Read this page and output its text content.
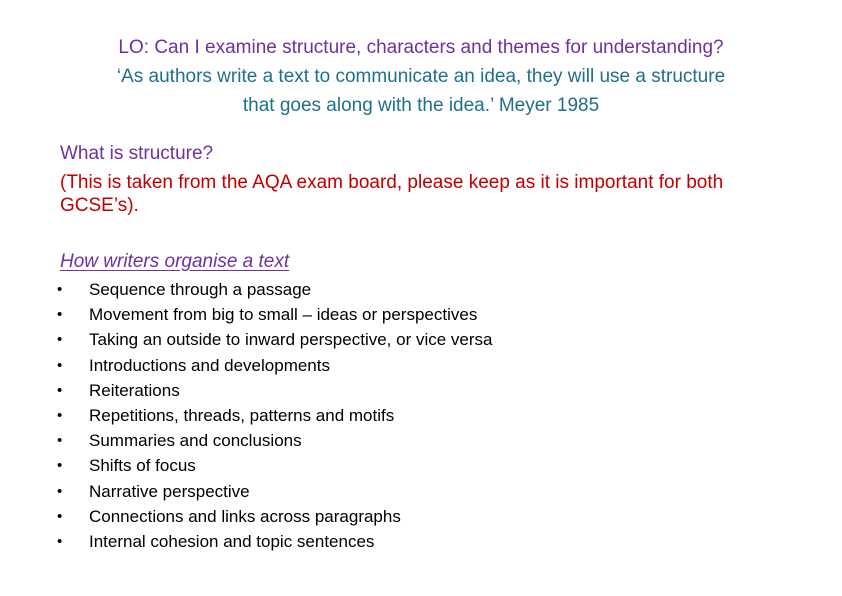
LO: Can I examine structure, characters and themes for understanding?
‘As authors write a text to communicate an idea, they will use a structure
that goes along with the idea.’ Meyer 1985
What is structure?
(This is taken from the AQA exam board, please keep as it is important for both GCSE’s).
How writers organise a text
• Sequence through a passage
• Movement from big to small – ideas or perspectives
• Taking an outside to inward perspective, or vice versa
• Introductions and developments
• Reiterations
• Repetitions, threads, patterns and motifs
• Summaries and conclusions
• Shifts of focus
• Narrative perspective
• Connections and links across paragraphs
• Internal cohesion and topic sentences
